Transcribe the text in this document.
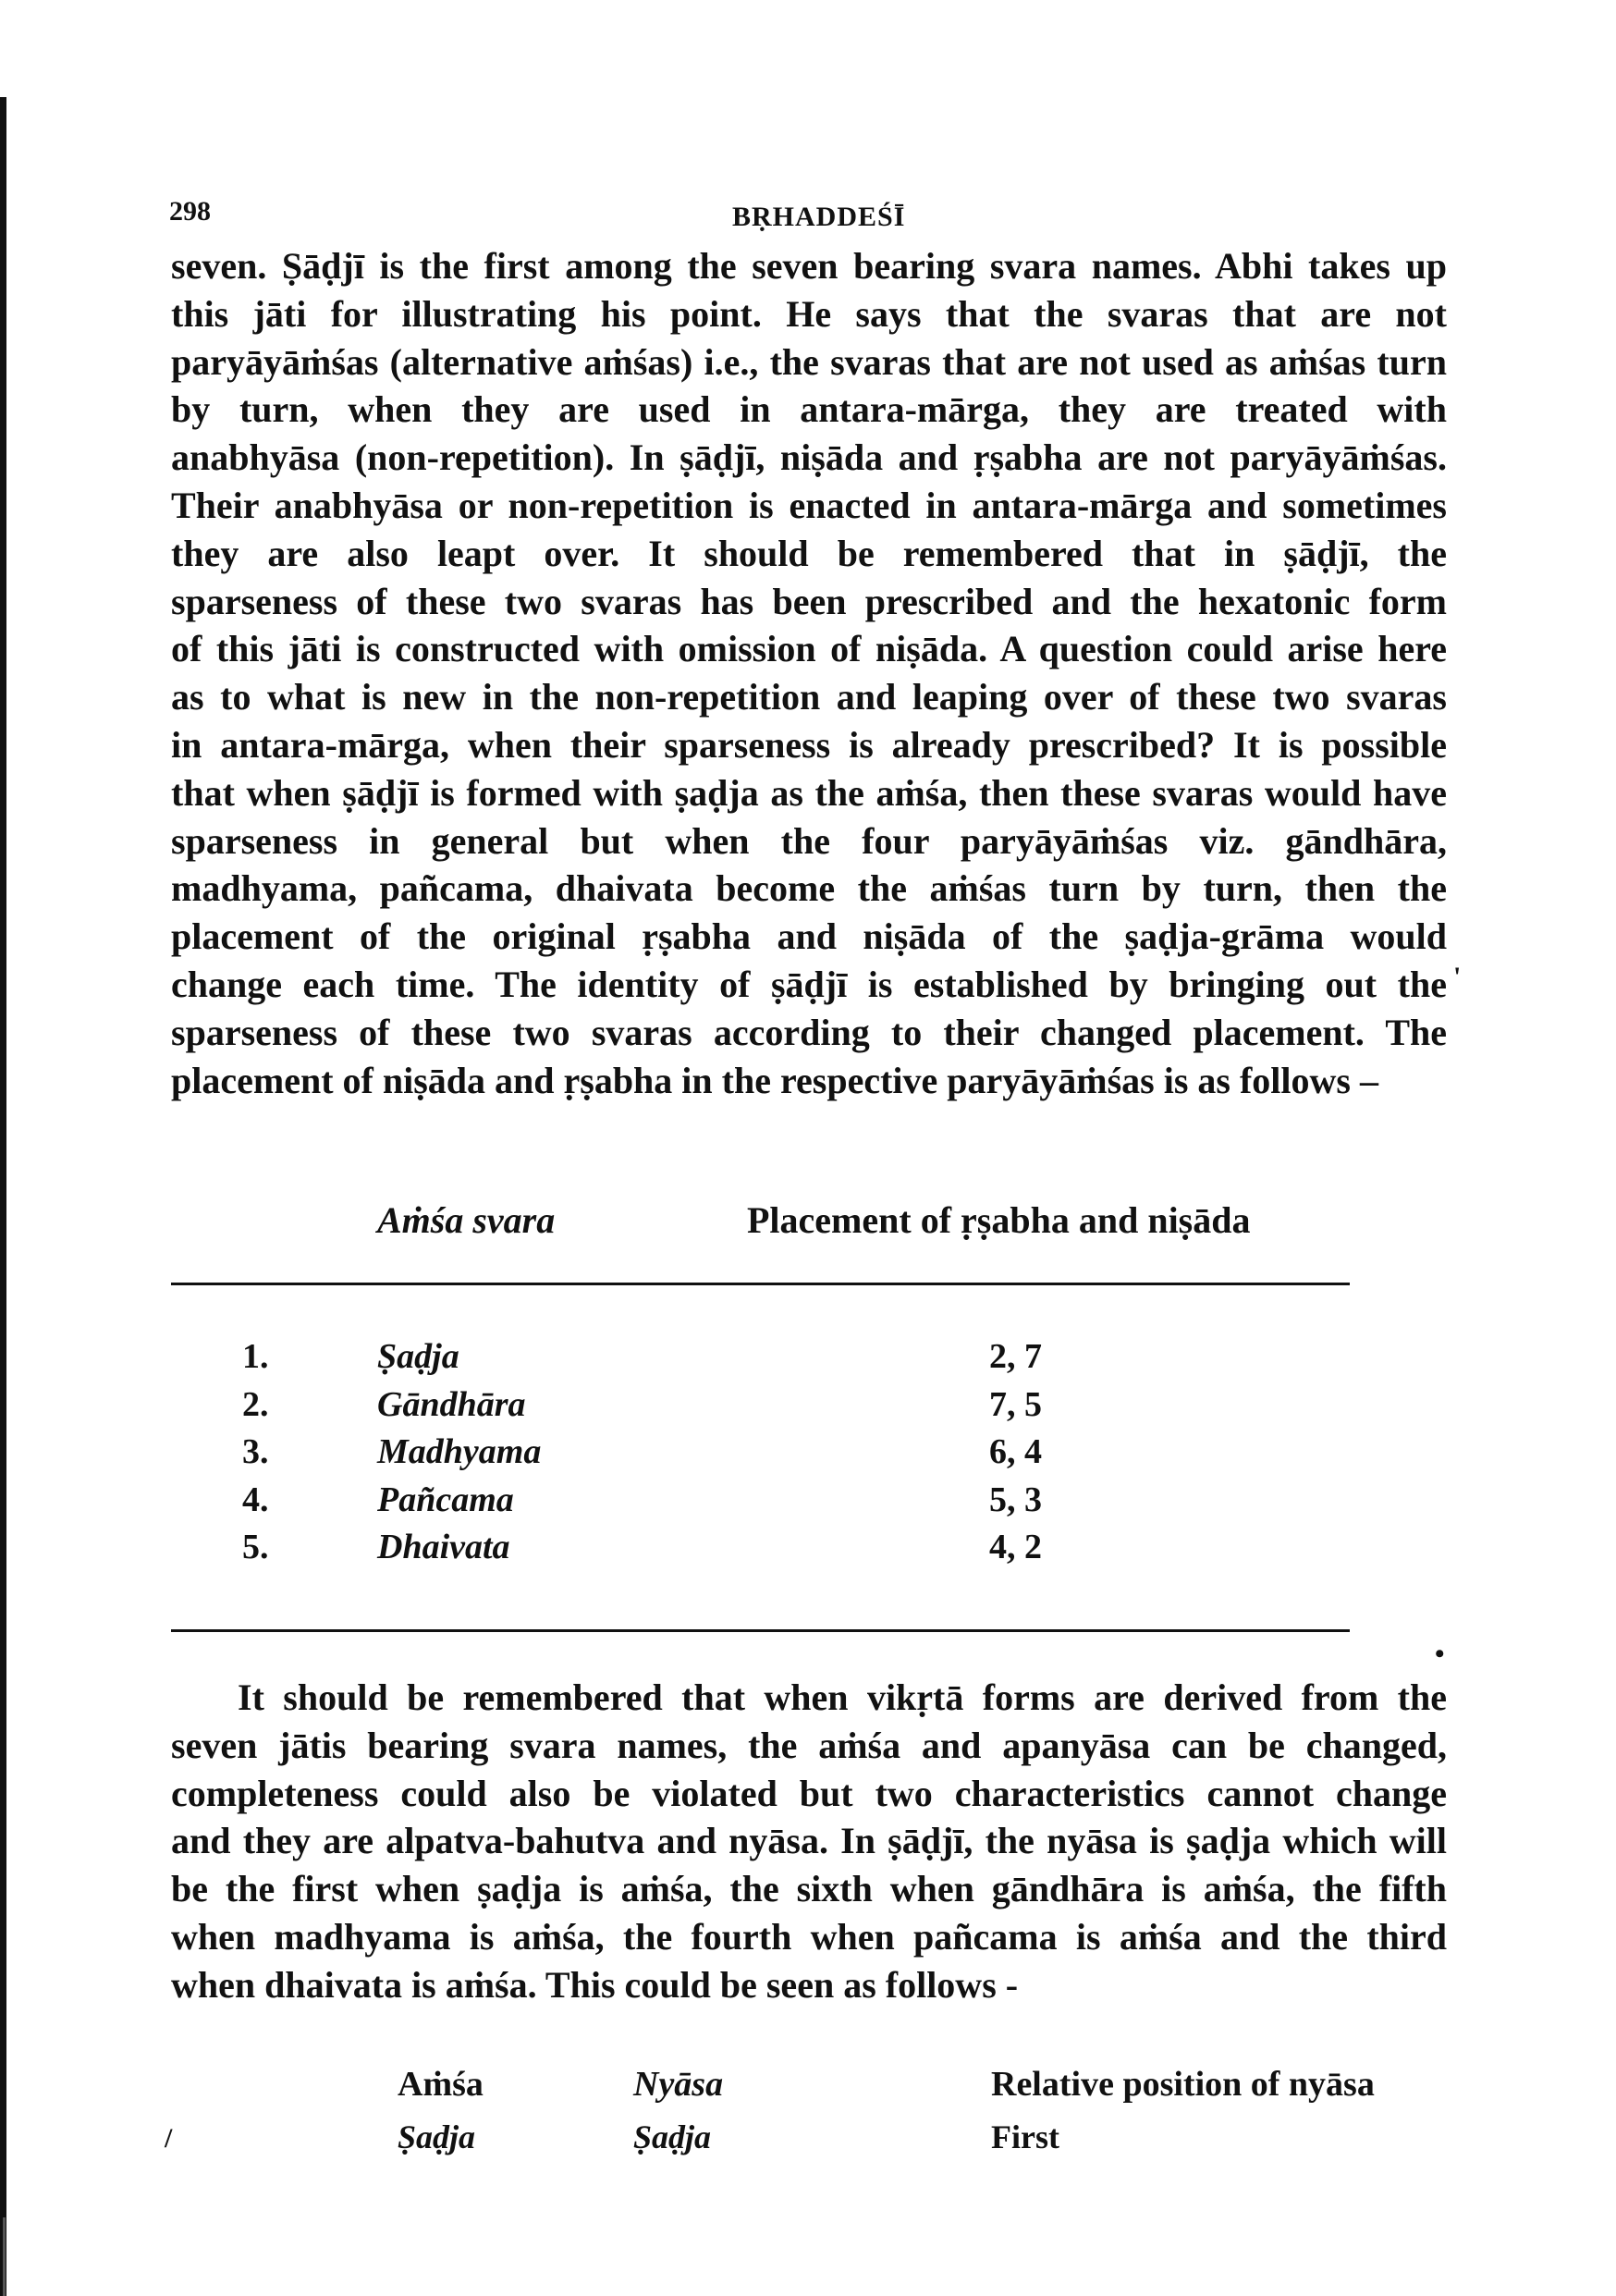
298	BṚHADDEŚĪ
seven. Ṣāḍjī is the first among the seven bearing svara names. Abhi takes up
this jāti for illustrating his point. He says that the svaras that are not
paryāyāṁśas (alternative aṁśas) i.e., the svaras that are not used as aṁśas turn
by turn, when they are used in antara-mārga, they are treated with
anabhyāsa (non-repetition). In ṣāḍjī, niṣāda and ṛṣabha are not paryāyāṁśas.
Their anabhyāsa or non-repetition is enacted in antara-mārga and sometimes
they are also leapt over. It should be remembered that in ṣāḍjī, the
sparseness of these two svaras has been prescribed and the hexatonic form
of this jāti is constructed with omission of niṣāda. A question could arise here
as to what is new in the non-repetition and leaping over of these two svaras
in antara-mārga, when their sparseness is already prescribed? It is possible
that when ṣāḍjī is formed with ṣaḍja as the aṁśa, then these svaras would have
sparseness in general but when the four paryāyāṁśas viz. gāndhāra,
madhyama, pañcama, dhaivata become the aṁśas turn by turn, then the
placement of the original ṛṣabha and niṣāda of the ṣaḍja-grāma would
change each time. The identity of ṣāḍjī is established by bringing out the
sparseness of these two svaras according to their changed placement. The
placement of niṣāda and ṛṣabha in the respective paryāyāṁśas is as follows –
Aṁśa svara	Placement of ṛṣabha and niṣāda
1.	Ṣaḍja	2, 7
2.	Gāndhāra	7, 5
3.	Madhyama	6, 4
4.	Pañcama	5, 3
5.	Dhaivata	4, 2
It should be remembered that when vikṛtā forms are derived from the
seven jātis bearing svara names, the aṁśa and apanyāsa can be changed,
completeness could also be violated but two characteristics cannot change
and they are alpatva-bahutva and nyāsa. In ṣāḍjī, the nyāsa is ṣaḍja which will
be the first when ṣaḍja is aṁśa, the sixth when gāndhāra is aṁśa, the fifth
when madhyama is aṁśa, the fourth when pañcama is aṁśa and the third
when dhaivata is aṁśa. This could be seen as follows -
Aṁśa	Nyāsa	Relative position of nyāsa
Ṣaḍja	Ṣaḍja	First
'
•
/
